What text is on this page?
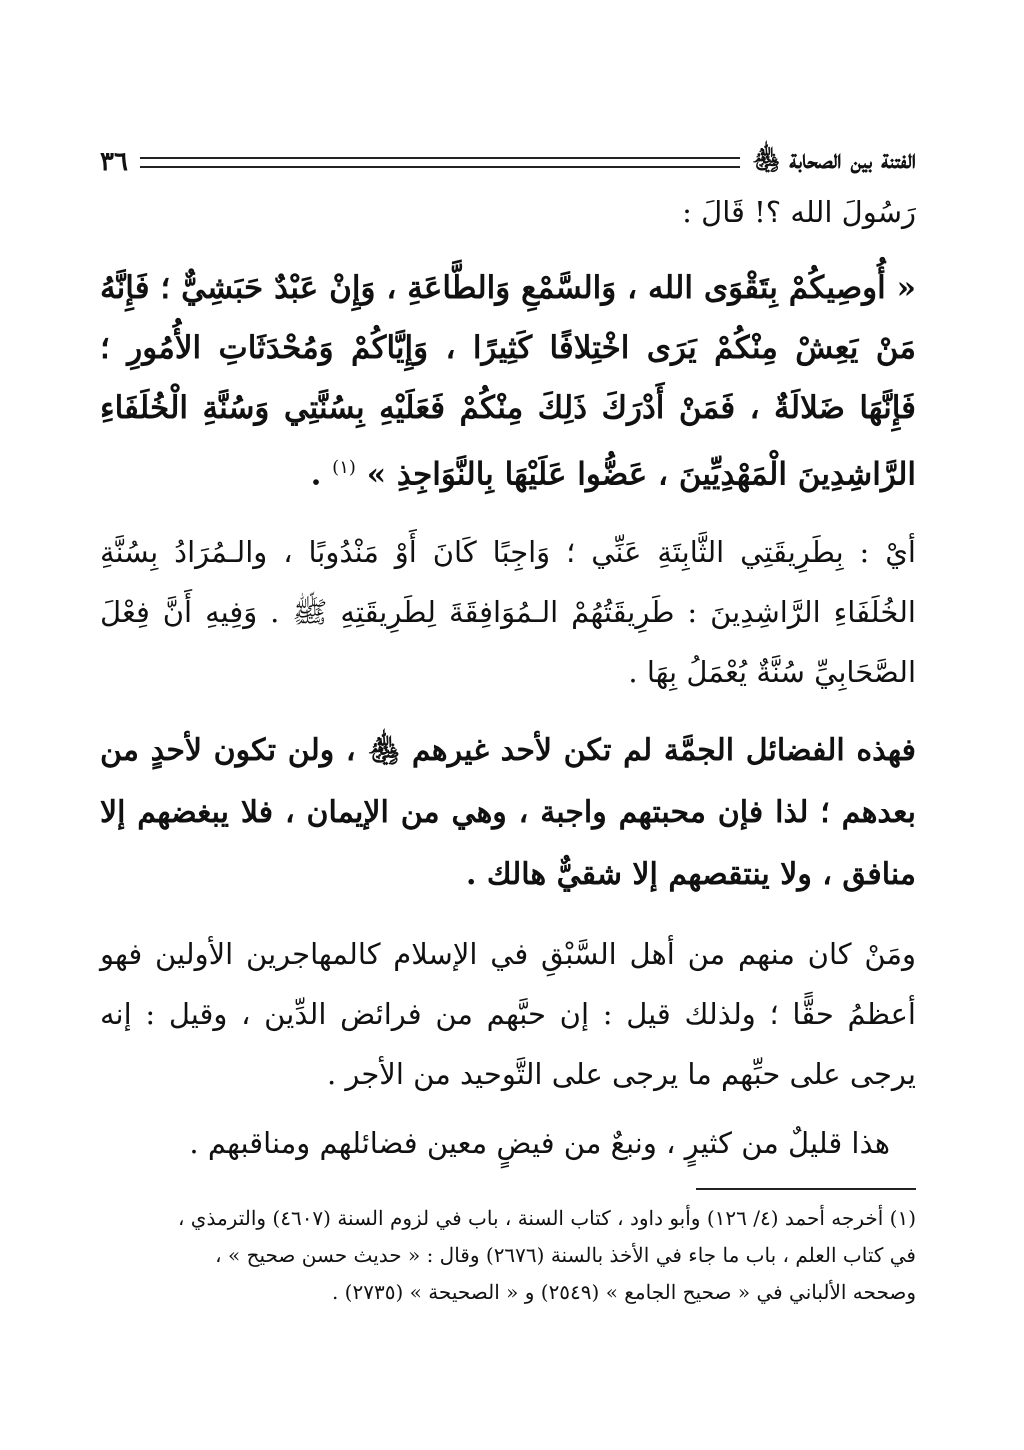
الفتنة بين الصحابة ﵃
٣٦
رَسُولَ الله ؟! قَالَ :
« أُوصِيكُمْ بِتَقْوَى الله ، وَالسَّمْعِ وَالطَّاعَةِ ، وَإِنْ عَبْدٌ حَبَشِيٌّ ؛ فَإِنَّهُ مَنْ يَعِشْ مِنْكُمْ يَرَى اخْتِلافًا كَثِيرًا ، وَإِيَّاكُمْ وَمُحْدَثَاتِ الأُمُورِ ؛ فَإِنَّهَا ضَلالَةٌ ، فَمَنْ أَدْرَكَ ذَلِكَ مِنْكُمْ فَعَلَيْهِ بِسُنَّتِي وَسُنَّةِ الْخُلَفَاءِ الرَّاشِدِينَ الْمَهْدِيِّينَ ، عَضُّوا عَلَيْهَا بِالنَّوَاجِذِ » $^{(١)}$ .
أيْ : بِطَرِيقَتِي الثَّابِتَةِ عَنِّي ؛ وَاجِبًا كَانَ أَوْ مَنْدُوبًا ، والـمُرَادُ بِسُنَّةِ الخُلَفَاءِ الرَّاشِدِينَ : طَرِيقَتُهُمْ الـمُوَافِقَةَ لِطَرِيقَتِهِ ﷺ . وَفِيهِ أَنَّ فِعْلَ الصَّحَابِيِّ سُنَّةٌ يُعْمَلُ بِهَا .
فهذه الفضائل الجمَّة لم تكن لأحد غيرهم ﵃ ، ولن تكون لأحدٍ من بعدهم ؛ لذا فإن محبتهم واجبة ، وهي من الإيمان ، فلا يبغضهم إلا منافق ، ولا ينتقصهم إلا شقيٌّ هالك .
ومَنْ كان منهم من أهل السَّبْقِ في الإسلام كالمهاجرين الأولين فهو أعظمُ حقًّا ؛ ولذلك قيل : إن حبَّهم من فرائض الدِّين ، وقيل : إنه يرجى على حبِّهم ما يرجى على التَّوحيد من الأجر .
هذا قليلٌ من كثيرٍ ، ونبعٌ من فيضٍ معين فضائلهم ومناقبهم .
(١) أخرجه أحمد (٤/ ١٢٦) وأبو داود ، كتاب السنة ، باب في لزوم السنة (٤٦٠٧) والترمذي ،
في كتاب العلم ، باب ما جاء في الأخذ بالسنة (٢٦٧٦) وقال : « حديث حسن صحيح » ،
وصححه الألباني في « صحيح الجامع » (٢٥٤٩) و « الصحيحة » (٢٧٣٥) .
